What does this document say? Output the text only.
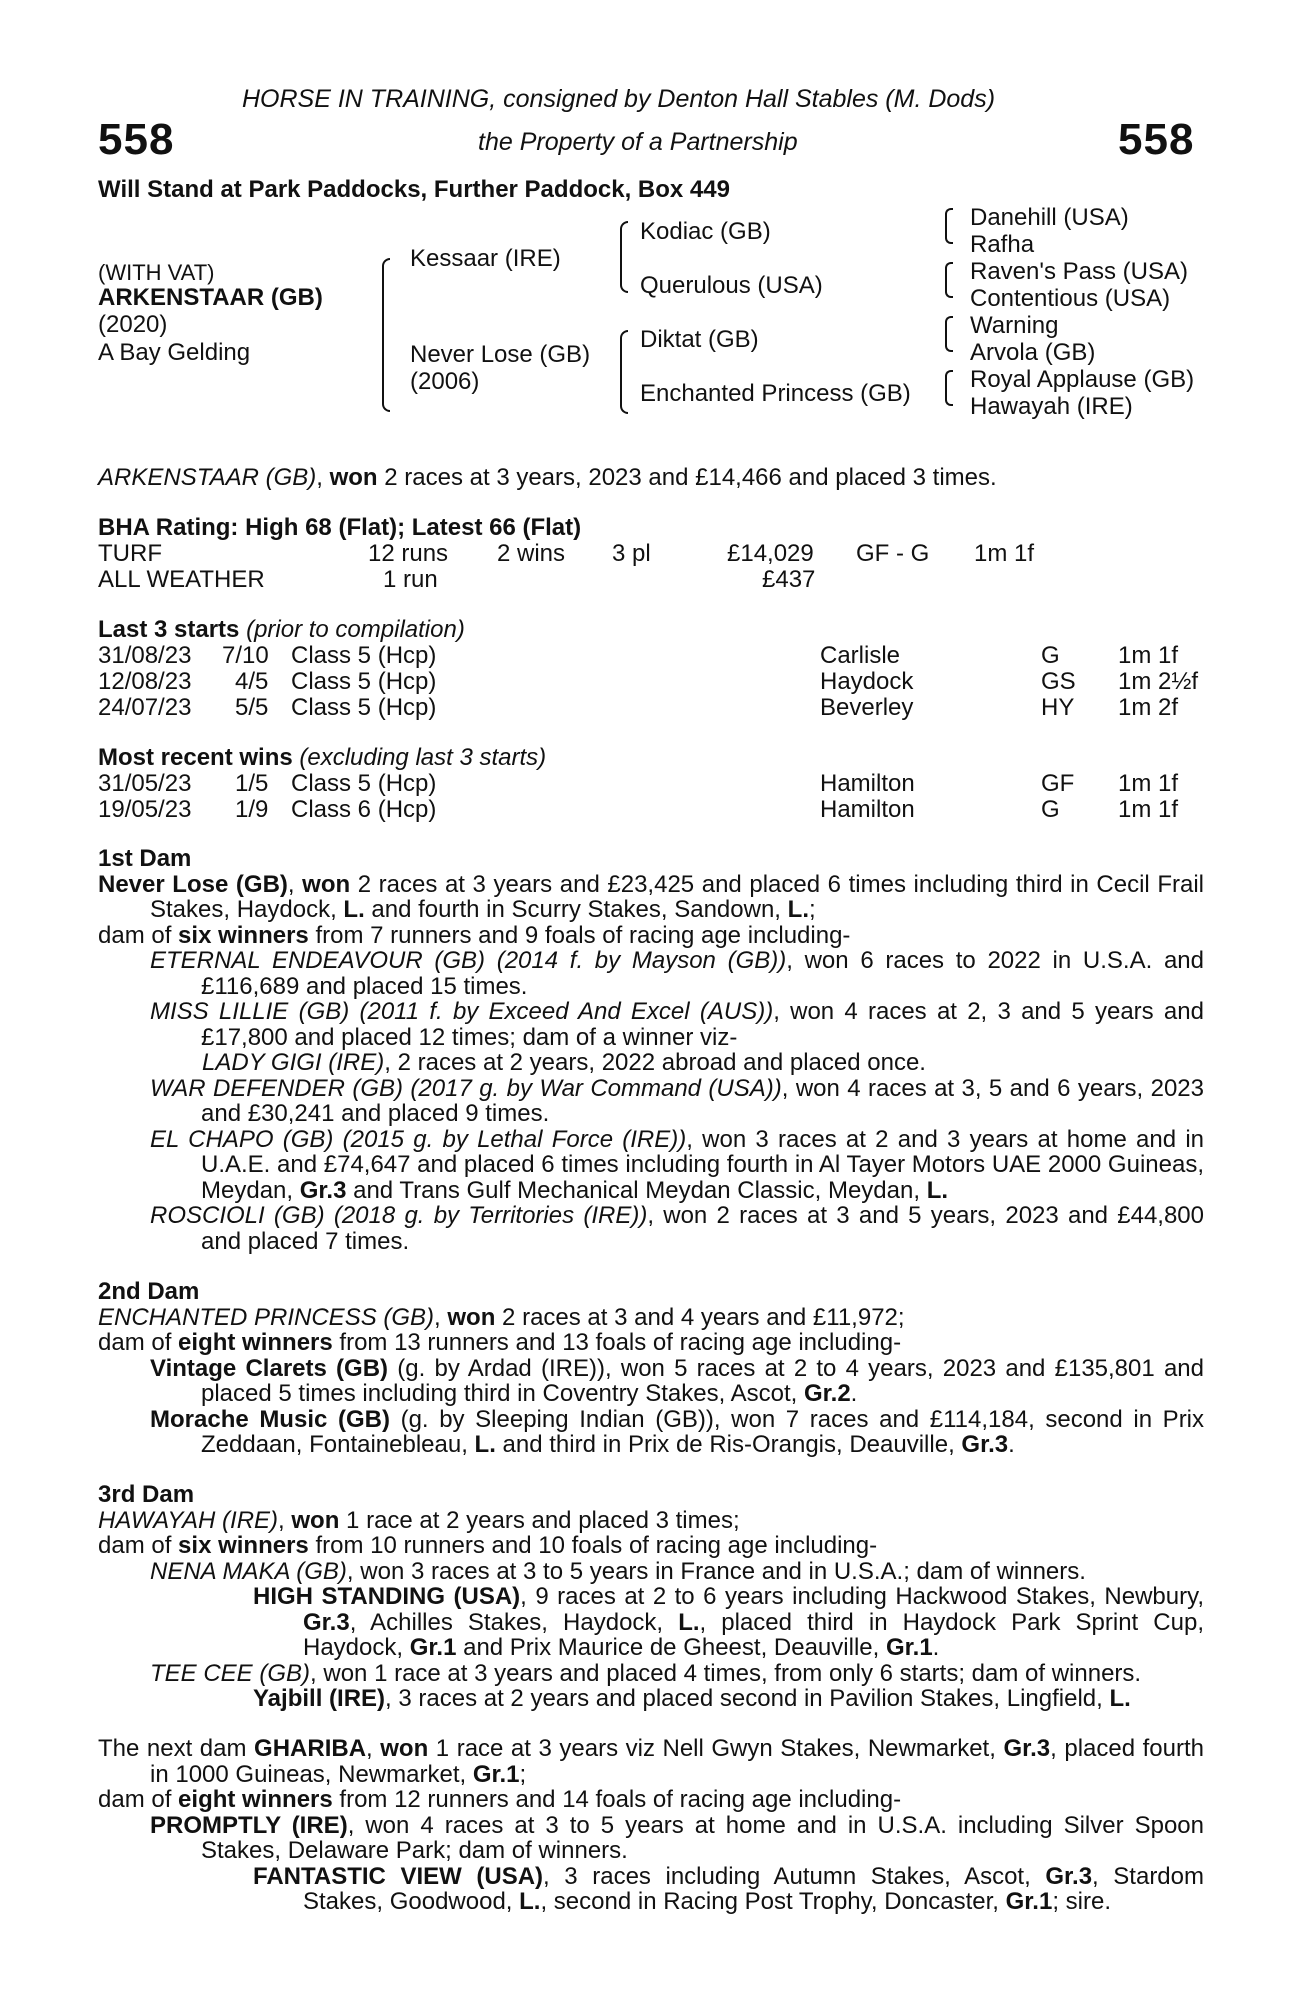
HORSE IN TRAINING, consigned by Denton Hall Stables (M. Dods)
558	558
the Property of a Partnership
Will Stand at Park Paddocks, Further Paddock, Box 449
(WITH VAT)
ARKENSTAAR (GB)
(2020)
A Bay Gelding
Kessaar (IRE)
Never Lose (GB)
(2006)
Kodiac (GB)
Querulous (USA)
Diktat (GB)
Enchanted Princess (GB)
Danehill (USA)
Rafha
Raven's Pass (USA)
Contentious (USA)
Warning
Arvola (GB)
Royal Applause (GB)
Hawayah (IRE)
ARKENSTAAR (GB), won 2 races at 3 years, 2023 and £14,466 and placed 3 times.
BHA Rating: High 68 (Flat); Latest 66 (Flat)
TURF	12 runs 2 wins 3 pl	£14,029 GF - G 1m 1f
ALL WEATHER	1 run	£437
Last 3 starts (prior to compilation)
31/08/23 7/10 Class 5 (Hcp)	Carlisle	G 1m 1f
12/08/23 4/5 Class 5 (Hcp)	Haydock	GS 1m 2½f
24/07/23 5/5 Class 5 (Hcp)	Beverley	HY 1m 2f
Most recent wins (excluding last 3 starts)
31/05/23 1/5 Class 5 (Hcp)	Hamilton	GF 1m 1f
19/05/23 1/9 Class 6 (Hcp)	Hamilton	G 1m 1f

1st Dam

Never Lose (GB), won 2 races at 3 years and £23,425 and placed 6 times including third in Cecil Frail Stakes, Haydock, L. and fourth in Scurry Stakes, Sandown, L.;

dam of six winners from 7 runners and 9 foals of racing age including-

ETERNAL ENDEAVOUR (GB) (2014 f. by Mayson (GB)), won 6 races to 2022 in U.S.A. and £116,689 and placed 15 times.

MISS LILLIE (GB) (2011 f. by Exceed And Excel (AUS)), won 4 races at 2, 3 and 5 years and £17,800 and placed 12 times; dam of a winner viz-

LADY GIGI (IRE), 2 races at 2 years, 2022 abroad and placed once.

WAR DEFENDER (GB) (2017 g. by War Command (USA)), won 4 races at 3, 5 and 6 years, 2023 and £30,241 and placed 9 times.

EL CHAPO (GB) (2015 g. by Lethal Force (IRE)), won 3 races at 2 and 3 years at home and in U.A.E. and £74,647 and placed 6 times including fourth in Al Tayer Motors UAE 2000 Guineas, Meydan, Gr.3 and Trans Gulf Mechanical Meydan Classic, Meydan, L.

ROSCIOLI (GB) (2018 g. by Territories (IRE)), won 2 races at 3 and 5 years, 2023 and £44,800 and placed 7 times.

2nd Dam

ENCHANTED PRINCESS (GB), won 2 races at 3 and 4 years and £11,972;

dam of eight winners from 13 runners and 13 foals of racing age including-

Vintage Clarets (GB) (g. by Ardad (IRE)), won 5 races at 2 to 4 years, 2023 and £135,801 and placed 5 times including third in Coventry Stakes, Ascot, Gr.2.

Morache Music (GB) (g. by Sleeping Indian (GB)), won 7 races and £114,184, second in Prix Zeddaan, Fontainebleau, L. and third in Prix de Ris-Orangis, Deauville, Gr.3.

3rd Dam

HAWAYAH (IRE), won 1 race at 2 years and placed 3 times;

dam of six winners from 10 runners and 10 foals of racing age including-

NENA MAKA (GB), won 3 races at 3 to 5 years in France and in U.S.A.; dam of winners.

HIGH STANDING (USA), 9 races at 2 to 6 years including Hackwood Stakes, Newbury, Gr.3, Achilles Stakes, Haydock, L., placed third in Haydock Park Sprint Cup, Haydock, Gr.1 and Prix Maurice de Gheest, Deauville, Gr.1.

TEE CEE (GB), won 1 race at 3 years and placed 4 times, from only 6 starts; dam of winners.

Yajbill (IRE), 3 races at 2 years and placed second in Pavilion Stakes, Lingfield, L.

The next dam GHARIBA, won 1 race at 3 years viz Nell Gwyn Stakes, Newmarket, Gr.3, placed fourth in 1000 Guineas, Newmarket, Gr.1;

dam of eight winners from 12 runners and 14 foals of racing age including-

PROMPTLY (IRE), won 4 races at 3 to 5 years at home and in U.S.A. including Silver Spoon Stakes, Delaware Park; dam of winners.

FANTASTIC VIEW (USA), 3 races including Autumn Stakes, Ascot, Gr.3, Stardom Stakes, Goodwood, L., second in Racing Post Trophy, Doncaster, Gr.1; sire.
